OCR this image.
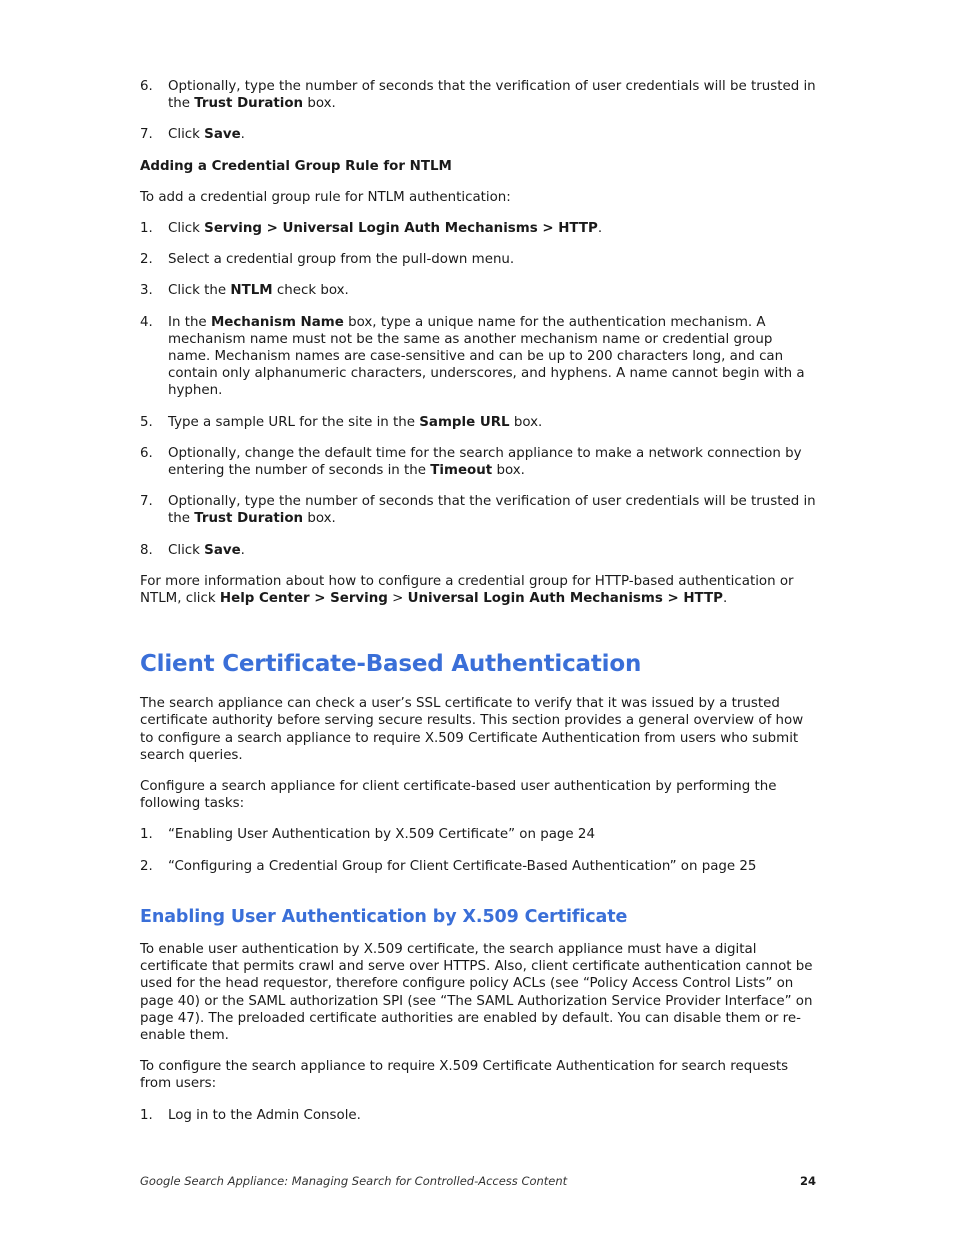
6.	Optionally, type the number of seconds that the verification of user credentials will be trusted in the Trust Duration box.
7.	Click Save.
Adding a Credential Group Rule for NTLM

To add a credential group rule for NTLM authentication:

1.	Click Serving > Universal Login Auth Mechanisms > HTTP.
2.	Select a credential group from the pull-down menu.
3.	Click the NTLM check box.
4.	In the Mechanism Name box, type a unique name for the authentication mechanism. A mechanism name must not be the same as another mechanism name or credential group name. Mechanism names are case-sensitive and can be up to 200 characters long, and can contain only alphanumeric characters, underscores, and hyphens. A name cannot begin with a hyphen.
5.	Type a sample URL for the site in the Sample URL box.
6.	Optionally, change the default time for the search appliance to make a network connection by entering the number of seconds in the Timeout box.
7.	Optionally, type the number of seconds that the verification of user credentials will be trusted in the Trust Duration box.
8.	Click Save.

For more information about how to configure a credential group for HTTP-based authentication or NTLM, click Help Center > Serving > Universal Login Auth Mechanisms > HTTP.

Client Certificate-Based Authentication

The search appliance can check a user’s SSL certificate to verify that it was issued by a trusted certificate authority before serving secure results. This section provides a general overview of how to configure a search appliance to require X.509 Certificate Authentication from users who submit search queries.

Configure a search appliance for client certificate-based user authentication by performing the following tasks:

1.	“Enabling User Authentication by X.509 Certificate” on page 24
2.	“Configuring a Credential Group for Client Certificate-Based Authentication” on page 25
Enabling User Authentication by X.509 Certificate

To enable user authentication by X.509 certificate, the search appliance must have a digital certificate that permits crawl and serve over HTTPS. Also, client certificate authentication cannot be used for the head requestor, therefore configure policy ACLs (see “Policy Access Control Lists” on page 40) or the SAML authorization SPI (see “The SAML Authorization Service Provider Interface” on page 47). The preloaded certificate authorities are enabled by default. You can disable them or re-enable them.

To configure the search appliance to require X.509 Certificate Authentication for search requests from users:

1.	Log in to the Admin Console.
Google Search Appliance: Managing Search for Controlled-Access Content	24
